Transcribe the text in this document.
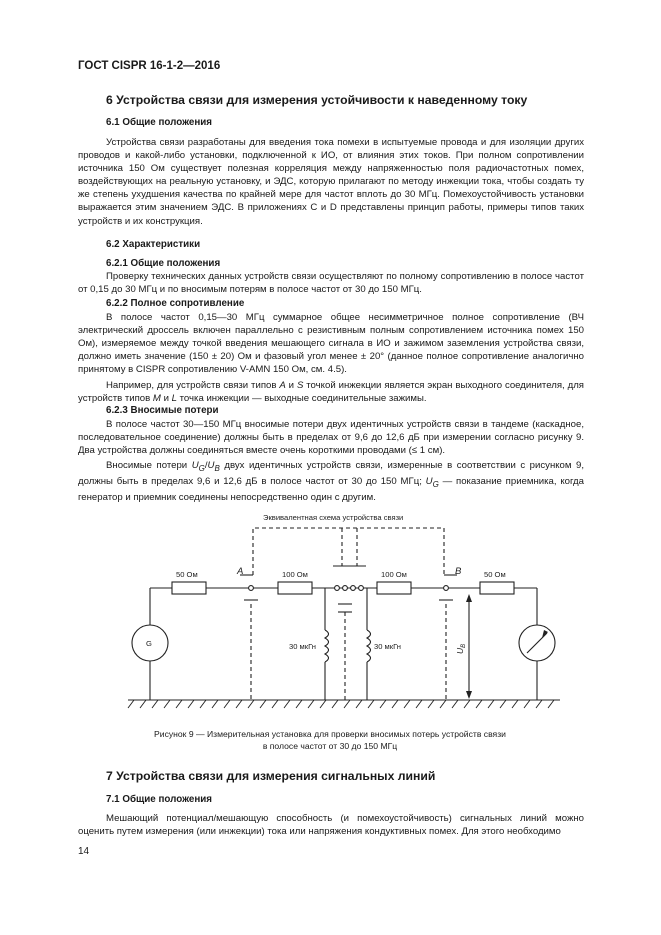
ГОСТ CISPR 16-1-2—2016
6 Устройства связи для измерения устойчивости к наведенному току
6.1 Общие положения

Устройства связи разработаны для введения тока помехи в испытуемые провода и для изоляции других проводов и какой-либо установки, подключенной к ИО, от влияния этих токов. При полном сопротивлении источника 150 Ом существует полезная корреляция между напряженностью поля радиочастотных помех, воздействующих на реальную установку, и ЭДС, которую прилагают по методу инжекции тока, чтобы создать ту же степень ухудшения качества по крайней мере для частот вплоть до 30 МГц. Помехоустойчивость установки выражается этим значением ЭДС. В приложениях C и D представлены принцип работы, примеры типов таких устройств и их конструкция.

6.2 Характеристики
6.2.1 Общие положения

Проверку технических данных устройств связи осуществляют по полному сопротивлению в полосе частот от 0,15 до 30 МГц и по вносимым потерям в полосе частот от 30 до 150 МГц.

6.2.2 Полное сопротивление

В полосе частот 0,15—30 МГц суммарное общее несимметричное полное сопротивление (ВЧ электрический дроссель включен параллельно с резистивным полным сопротивлением источника помех 150 Ом), измеряемое между точкой введения мешающего сигнала в ИО и зажимом заземления устройства связи, должно иметь значение (150 ± 20) Ом и фазовый угол менее ± 20° (данное полное сопротивление аналогично принятому в CISPR сопротивлению V-AMN 150 Ом, см. 4.5).

Например, для устройств связи типов A и S точкой инжекции является экран выходного соединителя, для устройств типов M и L точка инжекции — выходные соединительные зажимы.

6.2.3 Вносимые потери

В полосе частот 30—150 МГц вносимые потери двух идентичных устройств связи в тандеме (каскадное, последовательное соединение) должны быть в пределах от 9,6 до 12,6 дБ при измерении согласно рисунку 9. Два устройства должны соединяться вместе очень короткими проводами (≤ 1 см).

Вносимые потери $U_G/U_B$ двух идентичных устройств связи, измеренные в соответствии с рисунком 9, должны быть в пределах 9,6 и 12,6 дБ в полосе частот от 30 до 150 МГц; $U_G$ — показание приемника, когда генератор и приемник соединены непосредственно один с другим.

Эквивалентная схема устройства связи
50 Ом	100 Ом	100 Ом	50 Ом
30 мкГн	30 мкГн
G
A	B
$U_B$
Рисунок 9 — Измерительная установка для проверки вносимых потерь устройств связи
в полосе частот от 30 до 150 МГц
7 Устройства связи для измерения сигнальных линий
7.1 Общие положения

Мешающий потенциал/мешающую способность (и помехоустойчивость) сигнальных линий можно оценить путем измерения (или инжекции) тока или напряжения кондуктивных помех. Для этого необходимо

14
